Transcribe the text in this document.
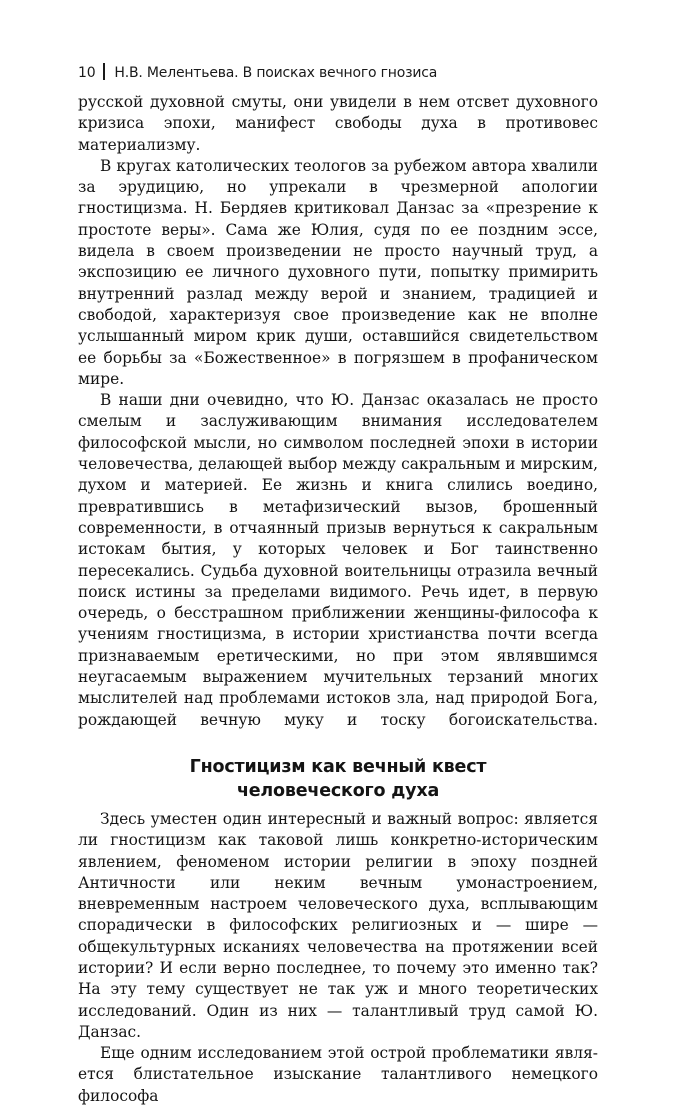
10 Н.В. Мелентьева. В поисках вечного гнозиса

русской духовной смуты, они увидели в нем отсвет духовного кризиса эпохи, манифест свободы духа в противовес материализму.

В кругах католических теологов за рубежом автора хвалили за эрудицию, но упрекали в чрезмерной апологии гностицизма. Н. Бердяев критиковал Данзас за «презрение к простоте веры». Сама же Юлия, судя по ее поздним эссе, видела в своем произведении не просто научный труд, а экспозицию ее личного духовного пути, попытку примирить внутренний разлад между верой и знанием, традицией и свободой, характеризуя свое произведение как не вполне услышанный миром крик души, оставшийся свидетельством ее борьбы за «Божественное» в погрязшем в профаническом мире.

В наши дни очевидно, что Ю. Данзас оказалась не просто смелым и заслуживающим внимания исследователем философской мысли, но символом последней эпохи в истории человечества, делающей выбор между сакральным и мирским, духом и материей. Ее жизнь и книга слились воедино, превратившись в метафизический вызов, брошенный современности, в отчаянный призыв вернуться к сакральным истокам бытия, у которых человек и Бог таинственно пересекались. Судьба духовной воительницы отразила вечный поиск истины за пределами видимого. Речь идет, в первую очередь, о бесстрашном приближении женщины-философа к учениям гностицизма, в истории христианства почти всегда признаваемым еретическими, но при этом являвшимся неугасаемым выражением мучительных терзаний многих мыслителей над проблемами истоков зла, над природой Бога, рождающей вечную муку и тоску богоискательства.

Гностицизм как вечный квест
человеческого духа

Здесь уместен один интересный и важный вопрос: является ли гностицизм как таковой лишь конкретно-историческим явлением, феноменом истории религии в эпоху поздней Античности или неким вечным умонастроением, вневременным настроем человеческого духа, всплывающим спорадически в философских религиозных и — шире — общекультурных исканиях человечества на протяжении всей истории? И если верно последнее, то почему это именно так? На эту тему существует не так уж и много теоретических исследований. Один из них — талантливый труд самой Ю. Данзас.

Еще одним исследованием этой острой проблематики является блистательное изыскание талантливого немецкого философа
